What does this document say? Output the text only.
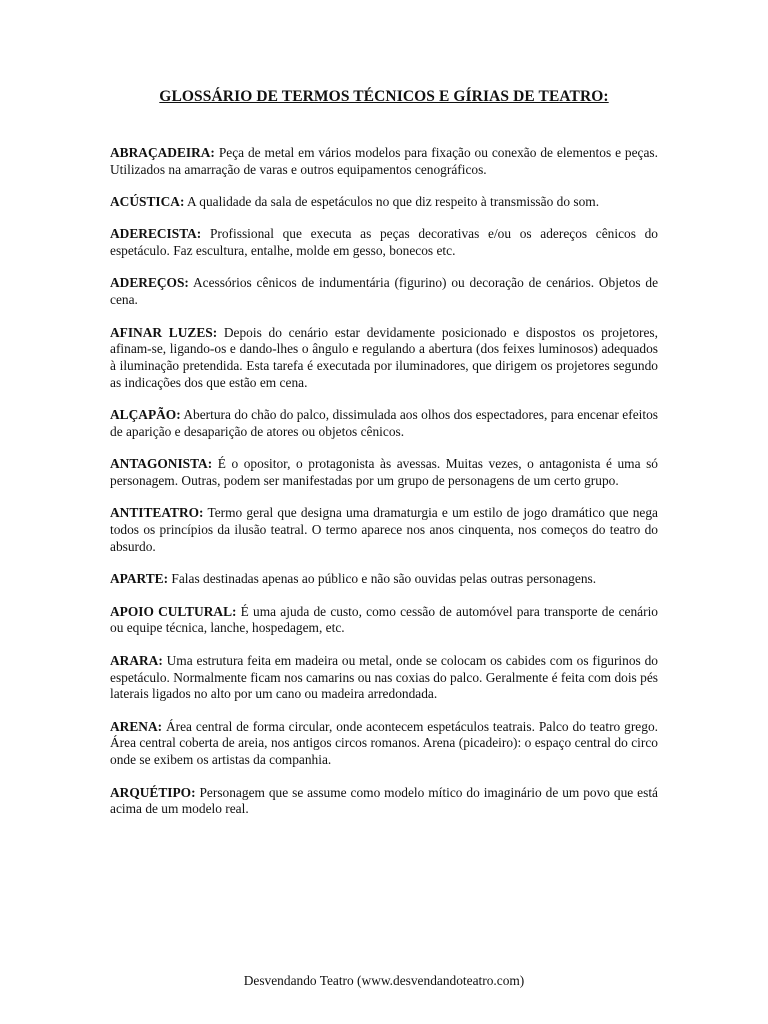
GLOSSÁRIO DE TERMOS TÉCNICOS E GÍRIAS DE TEATRO:

ABRAÇADEIRA: Peça de metal em vários modelos para fixação ou conexão de elementos e peças. Utilizados na amarração de varas e outros equipamentos cenográficos.

ACÚSTICA: A qualidade da sala de espetáculos no que diz respeito à transmissão do som.

ADERECISTA: Profissional que executa as peças decorativas e/ou os adereços cênicos do espetáculo. Faz escultura, entalhe, molde em gesso, bonecos etc.

ADEREÇOS: Acessórios cênicos de indumentária (figurino) ou decoração de cenários. Objetos de cena.

AFINAR LUZES: Depois do cenário estar devidamente posicionado e dispostos os projetores, afinam-se, ligando-os e dando-lhes o ângulo e regulando a abertura (dos feixes luminosos) adequados à iluminação pretendida. Esta tarefa é executada por iluminadores, que dirigem os projetores segundo as indicações dos que estão em cena.

ALÇAPÃO: Abertura do chão do palco, dissimulada aos olhos dos espectadores, para encenar efeitos de aparição e desaparição de atores ou objetos cênicos.

ANTAGONISTA: É o opositor, o protagonista às avessas. Muitas vezes, o antagonista é uma só personagem. Outras, podem ser manifestadas por um grupo de personagens de um certo grupo.

ANTITEATRO: Termo geral que designa uma dramaturgia e um estilo de jogo dramático que nega todos os princípios da ilusão teatral. O termo aparece nos anos cinquenta, nos começos do teatro do absurdo.

APARTE: Falas destinadas apenas ao público e não são ouvidas pelas outras personagens.

APOIO CULTURAL: É uma ajuda de custo, como cessão de automóvel para transporte de cenário ou equipe técnica, lanche, hospedagem, etc.

ARARA: Uma estrutura feita em madeira ou metal, onde se colocam os cabides com os figurinos do espetáculo. Normalmente ficam nos camarins ou nas coxias do palco. Geralmente é feita com dois pés laterais ligados no alto por um cano ou madeira arredondada.

ARENA: Área central de forma circular, onde acontecem espetáculos teatrais. Palco do teatro grego. Área central coberta de areia, nos antigos circos romanos. Arena (picadeiro): o espaço central do circo onde se exibem os artistas da companhia.

ARQUÉTIPO: Personagem que se assume como modelo mítico do imaginário de um povo que está acima de um modelo real.

Desvendando Teatro (www.desvendandoteatro.com)
